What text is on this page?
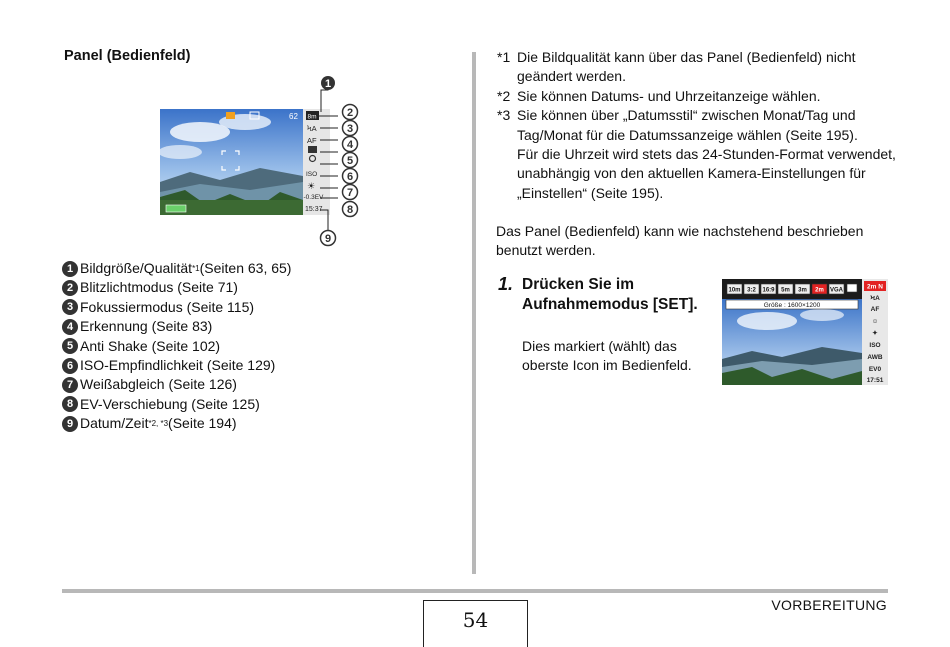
Panel (Bedienfeld)
62 8m
ϞA
AF
ISO
☀
-0.3EV
15:37
1
2
3
4
5
6
7
8
9
1 Bildgröße/Qualität *1 (Seiten 63, 65)
2 Blitzlichtmodus (Seite 71)
3 Fokussiermodus (Seite 115)
4 Erkennung (Seite 83)
5 Anti Shake (Seite 102)
6 ISO-Empfindlichkeit (Seite 129)
7 Weißabgleich (Seite 126)
8 EV-Verschiebung (Seite 125)
9 Datum/Zeit *2, *3 (Seite 194)
*1 Die Bildqualität kann über das Panel (Bedienfeld) nicht geändert werden.
*2 Sie können Datums- und Uhrzeitanzeige wählen.
*3 Sie können über „Datumsstil“ zwischen Monat/Tag und Tag/Monat für die Datumssanzeige wählen (Seite 195).
Für die Uhrzeit wird stets das 24-Stunden-Format verwendet, unabhängig von den aktuellen Kamera-Einstellungen für „Einstellen“ (Seite 195).
Das Panel (Bedienfeld) kann wie nachstehend beschrieben benutzt werden.
1. Drücken Sie im Aufnahmemodus [SET].
Dies markiert (wählt) das oberste Icon im Bedienfeld.
10m 3:2 16:9 5m 3m 2m VGA
Größe : 1600×1200
2m N
ϞA
AF
☺
✦
ISO
AWB
EV0
17:51
54
VORBEREITUNG
